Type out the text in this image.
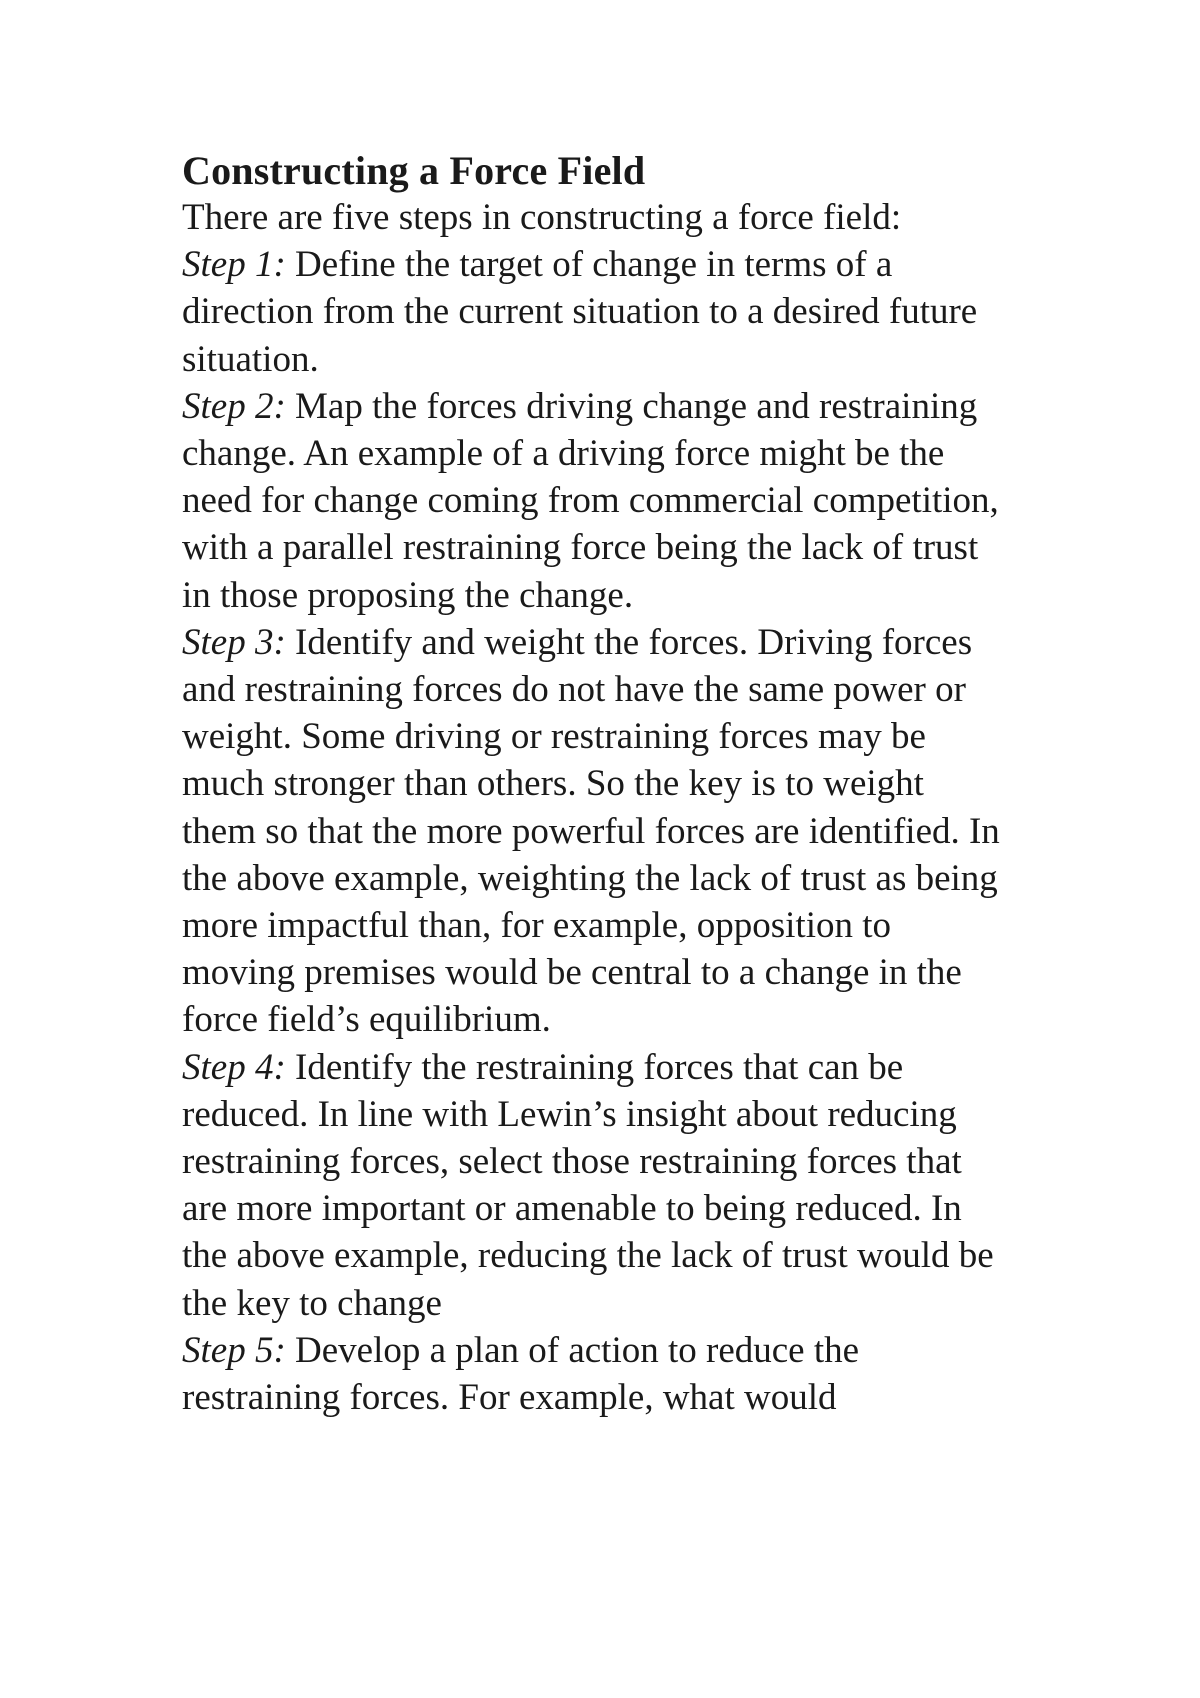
Constructing a Force Field

There are five steps in constructing a force field:

Step 1: Define the target of change in terms of a direction from the current situation to a desired future situation.

Step 2: Map the forces driving change and restraining change. An example of a driving force might be the need for change coming from commercial competition, with a parallel restraining force being the lack of trust in those proposing the change.

Step 3: Identify and weight the forces. Driving forces and restraining forces do not have the same power or weight. Some driving or restraining forces may be much stronger than others. So the key is to weight them so that the more powerful forces are identified. In the above example, weighting the lack of trust as being more impactful than, for example, opposition to moving premises would be central to a change in the force field’s equilibrium.

Step 4: Identify the restraining forces that can be reduced. In line with Lewin’s insight about reducing restraining forces, select those restraining forces that are more important or amenable to being reduced. In the above example, reducing the lack of trust would be the key to change

Step 5: Develop a plan of action to reduce the restraining forces. For example, what would
